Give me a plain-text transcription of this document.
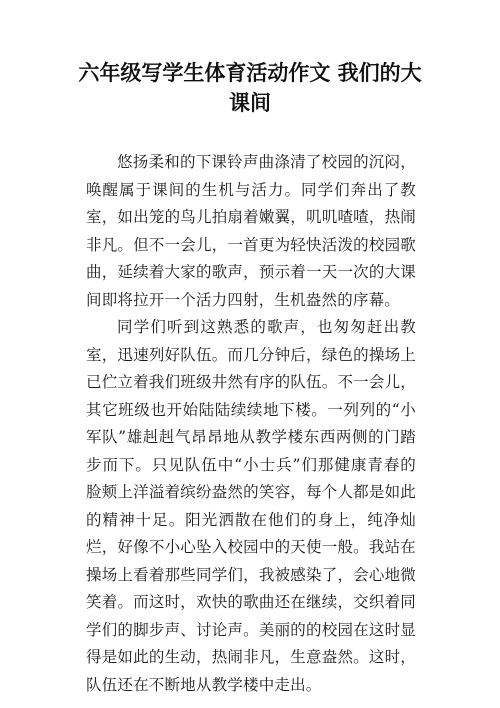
六年级写学生体育活动作文 我们的大课间

悠扬柔和的下课铃声曲涤清了校园的沉闷，唤醒属于课间的生机与活力。同学们奔出了教室，如出笼的鸟儿拍扇着嫩翼，叽叽喳喳，热闹非凡。但不一会儿，一首更为轻快活泼的校园歌曲，延续着大家的歌声，预示着一天一次的大课间即将拉开一个活力四射，生机盎然的序幕。

同学们听到这熟悉的歌声，也匆匆赶出教室，迅速列好队伍。而几分钟后，绿色的操场上已伫立着我们班级井然有序的队伍。不一会儿，其它班级也开始陆陆续续地下楼。一列列的“小军队”雄赳赳气昂昂地从教学楼东西两侧的门踏步而下。只见队伍中“小士兵”们那健康青春的脸颊上洋溢着缤纷盎然的笑容，每个人都是如此的精神十足。阳光洒散在他们的身上，纯净灿烂，好像不小心坠入校园中的天使一般。我站在操场上看着那些同学们，我被感染了，会心地微笑着。而这时，欢快的歌曲还在继续，交织着同学们的脚步声、讨论声。美丽的的校园在这时显得是如此的生动，热闹非凡，生意盎然。这时，队伍还在不断地从教学楼中走出。
